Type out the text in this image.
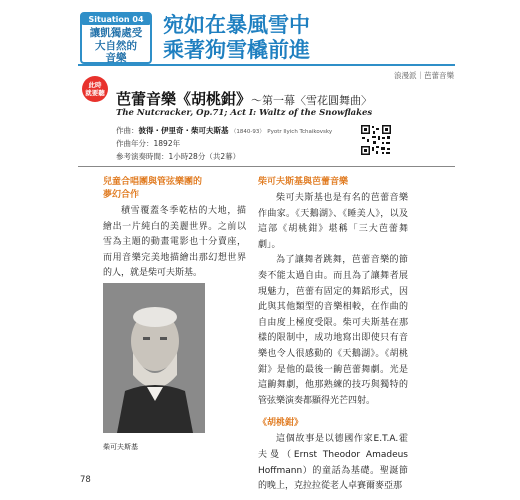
Situation 04
讓凱獨處受
大自然的
音樂
宛如在暴風雪中
乘著狗雪橇前進
浪漫派｜芭蕾音樂
此時
就要聽 芭蕾音樂《胡桃鉗》～第一幕〈雪花圓舞曲〉
The Nutcracker, Op.71; Act I: Waltz of the Snowflakes
作曲：彼得・伊里奇・柴可夫斯基 （1840-93） Pyotr Ilyich Tchaikovsky
作曲年分：1892年
參考演奏時間：1小時28分（共2幕）
兒童合唱團與管弦樂團的
夢幻合作

積雪覆蓋冬季乾枯的大地，描繪出一片純白的美麗世界。之前以雪為主題的動畫電影也十分賣座，而用音樂完美地描繪出那幻想世界的人，就是柴可夫斯基。

柴可夫斯基
柴可夫斯基與芭蕾音樂

柴可夫斯基也是有名的芭蕾音樂作曲家。《天鵝湖》、《睡美人》，以及這部《胡桃鉗》堪稱「三大芭蕾舞劇」。

為了讓舞者跳舞，芭蕾音樂的節奏不能太過自由。而且為了讓舞者展現魅力，芭蕾有固定的舞蹈形式，因此與其他類型的音樂相較，在作曲的自由度上極度受限。柴可夫斯基在那樣的限制中，成功地寫出即使只有音樂也令人很感動的《天鵝湖》。《胡桃鉗》是他的最後一齣芭蕾舞劇。光是這齣舞劇，他那熟練的技巧與獨特的管弦樂演奏都顯得光芒四射。

《胡桃鉗》

這個故事是以德國作家E.T.A.霍夫曼（Ernst Theodor Amadeus Hoffmann）的童話為基礎。聖誕節的晚上，克拉拉從老人卓賽爾麥亞那

78
